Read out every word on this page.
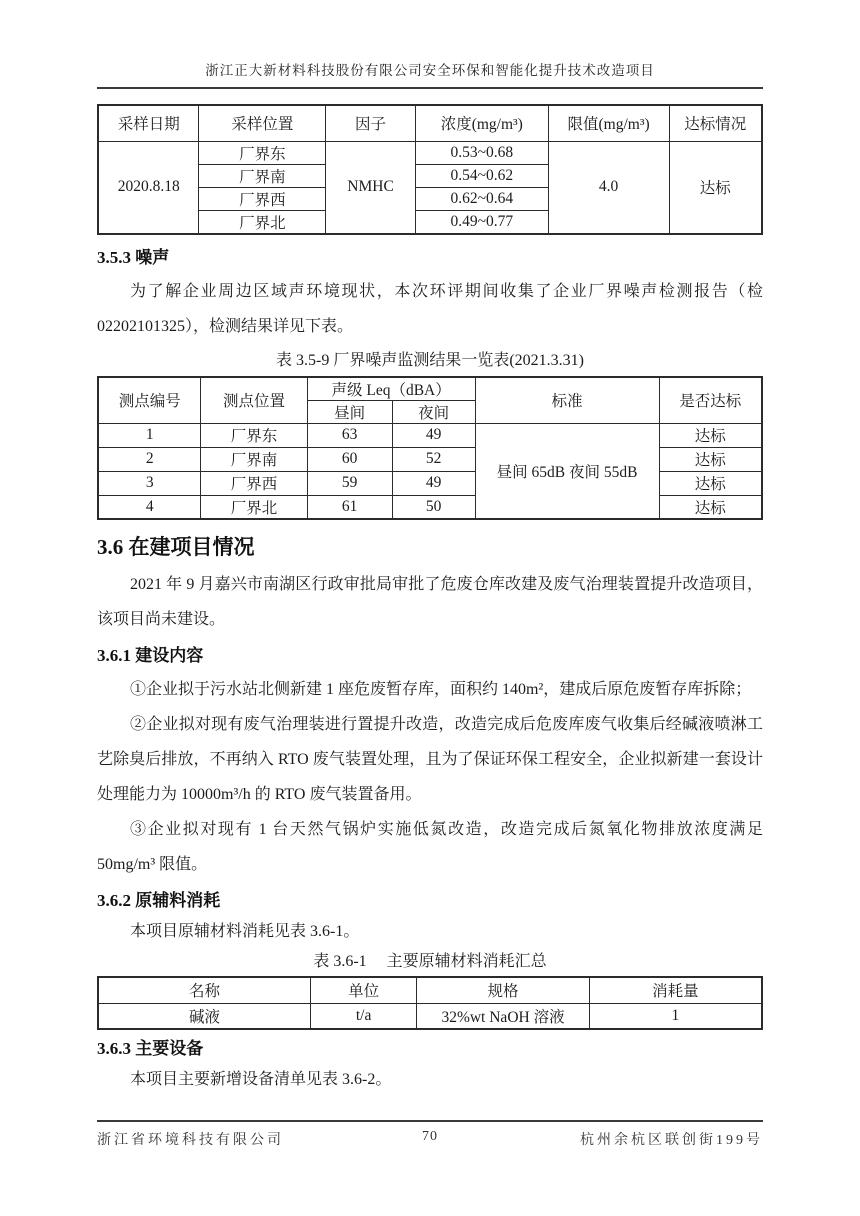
浙江正大新材料科技股份有限公司安全环保和智能化提升技术改造项目
采样日期	采样位置	因子	浓度(mg/m³)	限值(mg/m³)	达标情况
2020.8.18	厂界东	NMHC	0.53~0.68	4.0	达标
	厂界南		0.54~0.62		
	厂界西		0.62~0.64		
	厂界北		0.49~0.77		
3.5.3 噪声

为了解企业周边区域声环境现状，本次环评期间收集了企业厂界噪声检测报告（检02202101325），检测结果详见下表。

表 3.5-9 厂界噪声监测结果一览表(2021.3.31)

测点编号	测点位置	声级 Leq（dBA）		标准	是否达标
		昼间	夜间		
1	厂界东	63	49	昼间 65dB 夜间 55dB	达标
2	厂界南	60	52		达标
3	厂界西	59	49		达标
4	厂界北	61	50		达标
3.6 在建项目情况

2021 年 9 月嘉兴市南湖区行政审批局审批了危废仓库改建及废气治理装置提升改造项目，该项目尚未建设。

3.6.1 建设内容

①企业拟于污水站北侧新建 1 座危废暂存库，面积约 140m²，建成后原危废暂存库拆除；

②企业拟对现有废气治理装进行置提升改造，改造完成后危废库废气收集后经碱液喷淋工艺除臭后排放，不再纳入 RTO 废气装置处理，且为了保证环保工程安全，企业拟新建一套设计处理能力为 10000m³/h 的 RTO 废气装置备用。

③企业拟对现有 1 台天然气锅炉实施低氮改造，改造完成后氮氧化物排放浓度满足 50mg/m³ 限值。

3.6.2 原辅料消耗

本项目原辅材料消耗见表 3.6-1。

表 3.6-1　 主要原辅材料消耗汇总

名称	单位	规格	消耗量
碱液	t/a	32%wt NaOH 溶液	1
3.6.3 主要设备

本项目主要新增设备清单见表 3.6-2。

70
浙江省环境科技有限公司	杭州余杭区联创街199号
